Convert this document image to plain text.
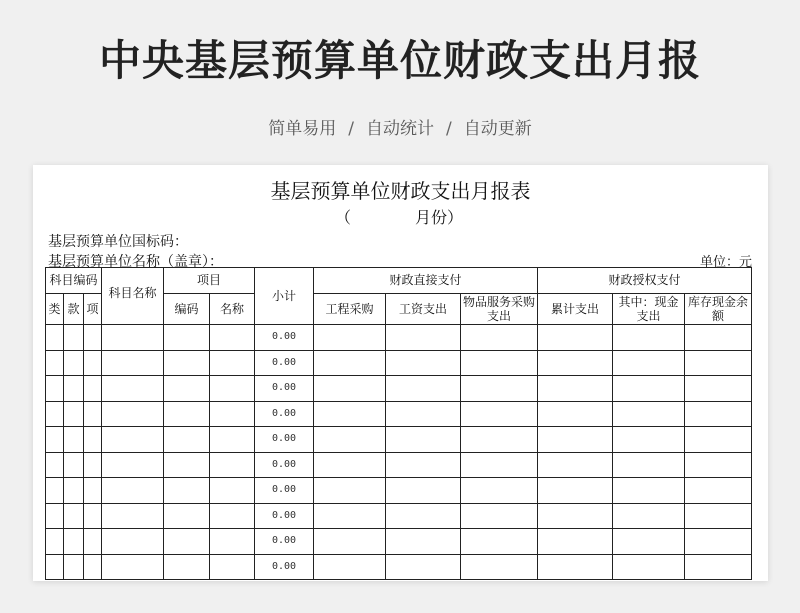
中央基层预算单位财政支出月报
简单易用 / 自动统计 / 自动更新
基层预算单位财政支出月报表
（	月份）
基层预算单位国标码：
基层预算单位名称（盖章）：	单位：元
科目编码			科目名称	项目		小计	财政直接支付			财政授权支付		
类	款	项		编码	名称		工程采购	工资支出	物品服务采购支出	累计支出	其中：现金支出	库存现金余额
						0.00						
						0.00						
						0.00						
						0.00						
						0.00						
						0.00						
						0.00						
						0.00						
						0.00						
						0.00						
